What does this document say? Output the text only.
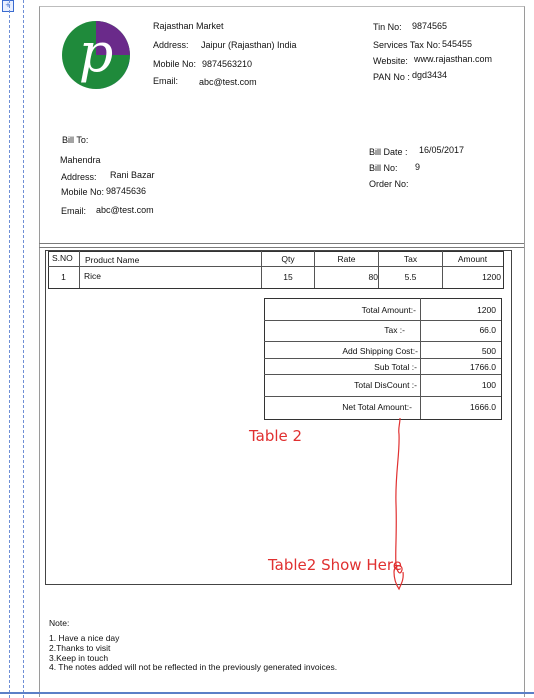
+
p	Rajasthan Market
Address: Jaipur (Rajasthan) India
Mobile No: 9874563210
Email: abc@test.com
Tin No: 9874565
Services Tax No: 545455
Website: www.rajasthan.com
PAN No : dgd3434
Bill To:
Mahendra
Address: Rani Bazar
Mobile No: 98745636
Email: abc@test.com
Bill Date : 16/05/2017
Bill No: 9
Order No:
S.NO Product Name	Qty	Rate	Tax	Amount
1	Rice	15	80	5.5	1200
Total Amount:-	1200
Tax :-	66.0
Add Shipping Cost:-	500
Sub Total :-	1766.0
Total DisCount :-	100
Net Total Amount:-	1666.0
Table 2
Table2 Show Here
Note:
1. Have a nice day
2.Thanks to visit
3.Keep in touch
4. The notes added will not be reflected in the previously generated invoices.
